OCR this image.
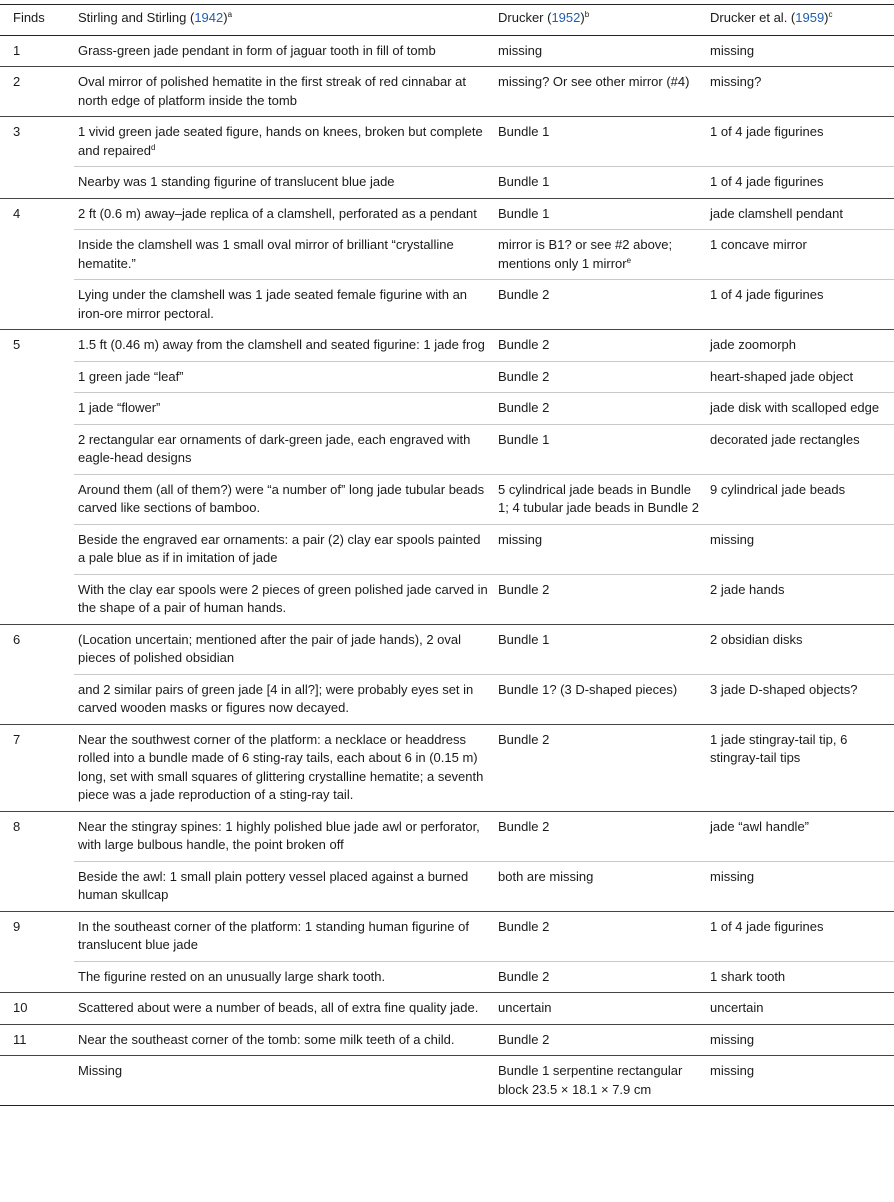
Finds	Stirling and Stirling $(1942)^a$	Drucker $(1952)^b$	Drucker et al. $(1959)^c$
1	Grass-green jade pendant in form of jaguar tooth in fill of tomb	missing	missing
2	Oval mirror of polished hematite in the first streak of red cinnabar at north edge of platform inside the tomb	missing? Or see other mirror (#4)	missing?
3	1 vivid green jade seated figure, hands on knees, broken but complete and repaired$^d$	Bundle 1	1 of 4 jade figurines
	Nearby was 1 standing figurine of translucent blue jade	Bundle 1	1 of 4 jade figurines
4	2 ft (0.6 m) away–jade replica of a clamshell, perforated as a pendant	Bundle 1	jade clamshell pendant
	Inside the clamshell was 1 small oval mirror of brilliant “crystalline hematite.”	mirror is B1? or see #2 above; mentions only 1 mirror$^e$	1 concave mirror
	Lying under the clamshell was 1 jade seated female figurine with an iron-ore mirror pectoral.	Bundle 2	1 of 4 jade figurines
5	1.5 ft (0.46 m) away from the clamshell and seated figurine: 1 jade frog	Bundle 2	jade zoomorph
	1 green jade “leaf”	Bundle 2	heart-shaped jade object
	1 jade “flower”	Bundle 2	jade disk with scalloped edge
	2 rectangular ear ornaments of dark-green jade, each engraved with eagle-head designs	Bundle 1	decorated jade rectangles
	Around them (all of them?) were “a number of” long jade tubular beads carved like sections of bamboo.	5 cylindrical jade beads in Bundle 1; 4 tubular jade beads in Bundle 2	9 cylindrical jade beads
	Beside the engraved ear ornaments: a pair (2) clay ear spools painted a pale blue as if in imitation of jade	missing	missing
	With the clay ear spools were 2 pieces of green polished jade carved in the shape of a pair of human hands.	Bundle 2	2 jade hands
6	(Location uncertain; mentioned after the pair of jade hands), 2 oval pieces of polished obsidian	Bundle 1	2 obsidian disks
	and 2 similar pairs of green jade [4 in all?]; were probably eyes set in carved wooden masks or figures now decayed.	Bundle 1? (3 D-shaped pieces)	3 jade D-shaped objects?
7	Near the southwest corner of the platform: a necklace or headdress rolled into a bundle made of 6 sting-ray tails, each about 6 in (0.15 m) long, set with small squares of glittering crystalline hematite; a seventh piece was a jade reproduction of a sting-ray tail.	Bundle 2	1 jade stingray-tail tip, 6 stingray-tail tips
8	Near the stingray spines: 1 highly polished blue jade awl or perforator, with large bulbous handle, the point broken off	Bundle 2	jade “awl handle”
	Beside the awl: 1 small plain pottery vessel placed against a burned human skullcap	both are missing	missing
9	In the southeast corner of the platform: 1 standing human figurine of translucent blue jade	Bundle 2	1 of 4 jade figurines
	The figurine rested on an unusually large shark tooth.	Bundle 2	1 shark tooth
10	Scattered about were a number of beads, all of extra fine quality jade.	uncertain	uncertain
11	Near the southeast corner of the tomb: some milk teeth of a child.	Bundle 2	missing
	Missing	Bundle 1 serpentine rectangular block 23.5 × 18.1 × 7.9 cm	missing
